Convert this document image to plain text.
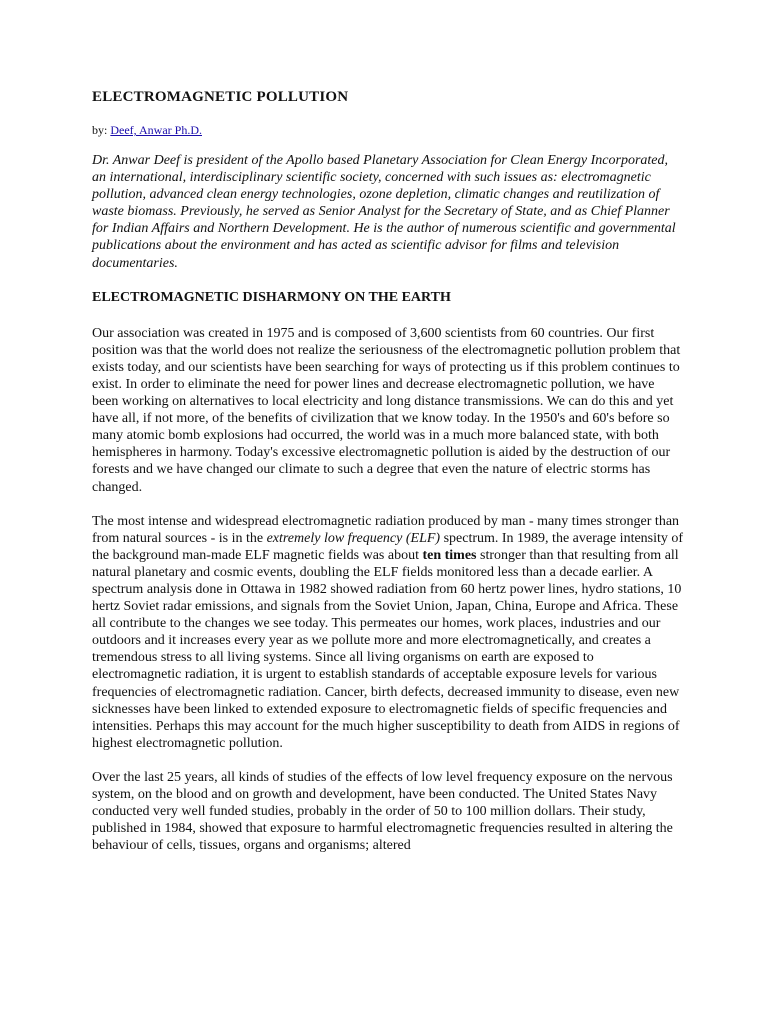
ELECTROMAGNETIC POLLUTION

by: Deef, Anwar Ph.D.

Dr. Anwar Deef is president of the Apollo based Planetary Association for Clean Energy Incorporated, an international, interdisciplinary scientific society, concerned with such issues as: electromagnetic pollution, advanced clean energy technologies, ozone depletion, climatic changes and reutilization of waste biomass. Previously, he served as Senior Analyst for the Secretary of State, and as Chief Planner for Indian Affairs and Northern Development. He is the author of numerous scientific and governmental publications about the environment and has acted as scientific advisor for films and television documentaries.

ELECTROMAGNETIC DISHARMONY ON THE EARTH

Our association was created in 1975 and is composed of 3,600 scientists from 60 countries. Our first position was that the world does not realize the seriousness of the electromagnetic pollution problem that exists today, and our scientists have been searching for ways of protecting us if this problem continues to exist. In order to eliminate the need for power lines and decrease electromagnetic pollution, we have been working on alternatives to local electricity and long distance transmissions. We can do this and yet have all, if not more, of the benefits of civilization that we know today. In the 1950's and 60's before so many atomic bomb explosions had occurred, the world was in a much more balanced state, with both hemispheres in harmony. Today's excessive electromagnetic pollution is aided by the destruction of our forests and we have changed our climate to such a degree that even the nature of electric storms has changed.

The most intense and widespread electromagnetic radiation produced by man - many times stronger than from natural sources - is in the extremely low frequency (ELF) spectrum. In 1989, the average intensity of the background man-made ELF magnetic fields was about ten times stronger than that resulting from all natural planetary and cosmic events, doubling the ELF fields monitored less than a decade earlier. A spectrum analysis done in Ottawa in 1982 showed radiation from 60 hertz power lines, hydro stations, 10 hertz Soviet radar emissions, and signals from the Soviet Union, Japan, China, Europe and Africa. These all contribute to the changes we see today. This permeates our homes, work places, industries and our outdoors and it increases every year as we pollute more and more electromagnetically, and creates a tremendous stress to all living systems. Since all living organisms on earth are exposed to electromagnetic radiation, it is urgent to establish standards of acceptable exposure levels for various frequencies of electromagnetic radiation. Cancer, birth defects, decreased immunity to disease, even new sicknesses have been linked to extended exposure to electromagnetic fields of specific frequencies and intensities. Perhaps this may account for the much higher susceptibility to death from AIDS in regions of highest electromagnetic pollution.

Over the last 25 years, all kinds of studies of the effects of low level frequency exposure on the nervous system, on the blood and on growth and development, have been conducted. The United States Navy conducted very well funded studies, probably in the order of 50 to 100 million dollars. Their study, published in 1984, showed that exposure to harmful electromagnetic frequencies resulted in altering the behaviour of cells, tissues, organs and organisms; altered
